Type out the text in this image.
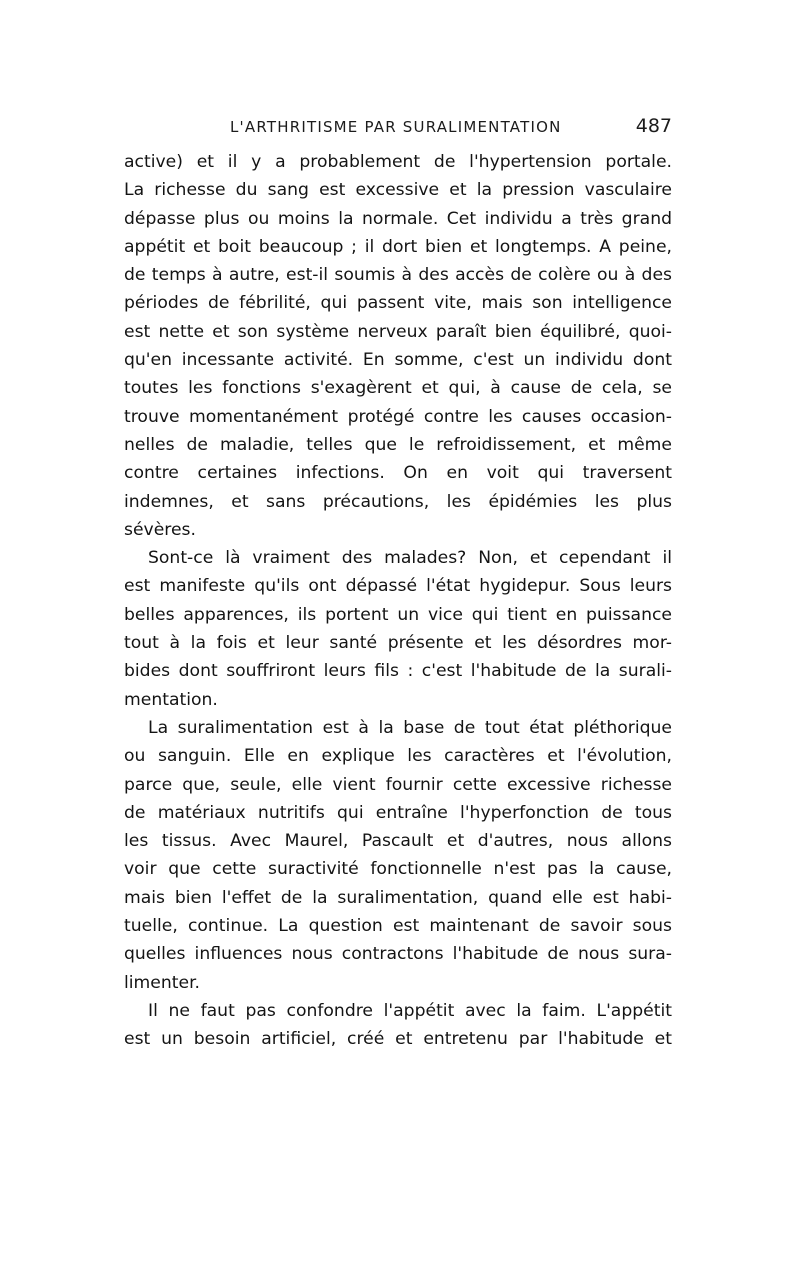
L'ARTHRITISME PAR SURALIMENTATION	487

active) et il y a probablement de l'hypertension portale.
La richesse du sang est excessive et la pression vasculaire
dépasse plus ou moins la normale. Cet individu a très grand
appétit et boit beaucoup ; il dort bien et longtemps. A peine,
de temps à autre, est-il soumis à des accès de colère ou à des
périodes de fébrilité, qui passent vite, mais son intelligence
est nette et son système nerveux paraît bien équilibré, quoi-
qu'en incessante activité. En somme, c'est un individu dont
toutes les fonctions s'exagèrent et qui, à cause de cela, se
trouve momentanément protégé contre les causes occasion-
nelles de maladie, telles que le refroidissement, et même
contre certaines infections. On en voit qui traversent
indemnes, et sans précautions, les épidémies les plus
sévères.

Sont-ce là vraiment des malades? Non, et cependant il
est manifeste qu'ils ont dépassé l'état hygidepur. Sous leurs
belles apparences, ils portent un vice qui tient en puissance
tout à la fois et leur santé présente et les désordres mor-
bides dont souffriront leurs fils : c'est l'habitude de la surali-
mentation.

La suralimentation est à la base de tout état pléthorique
ou sanguin. Elle en explique les caractères et l'évolution,
parce que, seule, elle vient fournir cette excessive richesse
de matériaux nutritifs qui entraîne l'hyperfonction de tous
les tissus. Avec Maurel, Pascault et d'autres, nous allons
voir que cette suractivité fonctionnelle n'est pas la cause,
mais bien l'effet de la suralimentation, quand elle est habi-
tuelle, continue. La question est maintenant de savoir sous
quelles influences nous contractons l'habitude de nous sura-
limenter.

Il ne faut pas confondre l'appétit avec la faim. L'appétit
est un besoin artificiel, créé et entretenu par l'habitude et
